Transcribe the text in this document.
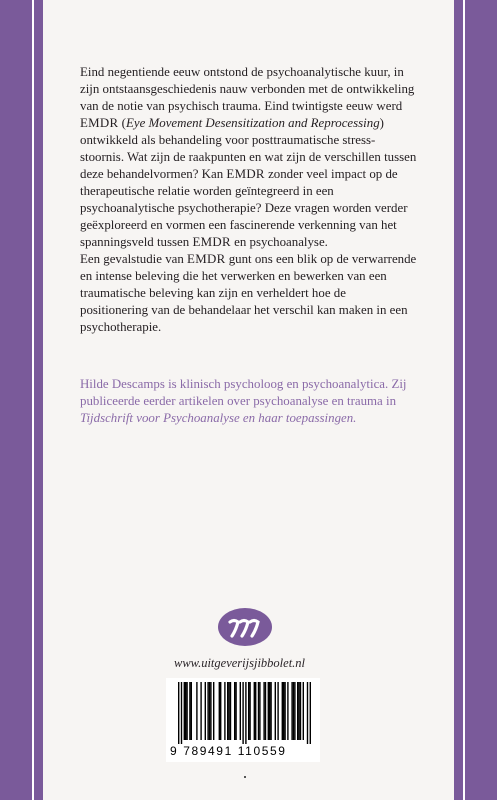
Eind negentiende eeuw ontstond de psychoanalytische kuur, in zijn ontstaansgeschiedenis nauw verbonden met de ontwikkeling van de notie van psychisch trauma. Eind twintigste eeuw werd EMDR (Eye Movement Desensitization and Reprocessing) ontwikkeld als behandeling voor posttraumatische stress-stoornis. Wat zijn de raakpunten en wat zijn de verschillen tussen deze behandelvormen? Kan EMDR zonder veel impact op de therapeutische relatie worden geïntegreerd in een psychoanalytische psychotherapie? Deze vragen worden verder geëxploreerd en vormen een fascinerende verkenning van het spanningsveld tussen EMDR en psychoanalyse.

Een gevalstudie van EMDR gunt ons een blik op de verwarrende en intense beleving die het verwerken en bewerken van een traumatische beleving kan zijn en verheldert hoe de positionering van de behandelaar het verschil kan maken in een psychotherapie.

Hilde Descamps is klinisch psycholoog en psychoanalytica. Zij publiceerde eerder artikelen over psychoanalyse en trauma in Tijdschrift voor Psychoanalyse en haar toepassingen.

www.uitgeverijsjibbolet.nl
9 789491 110559
